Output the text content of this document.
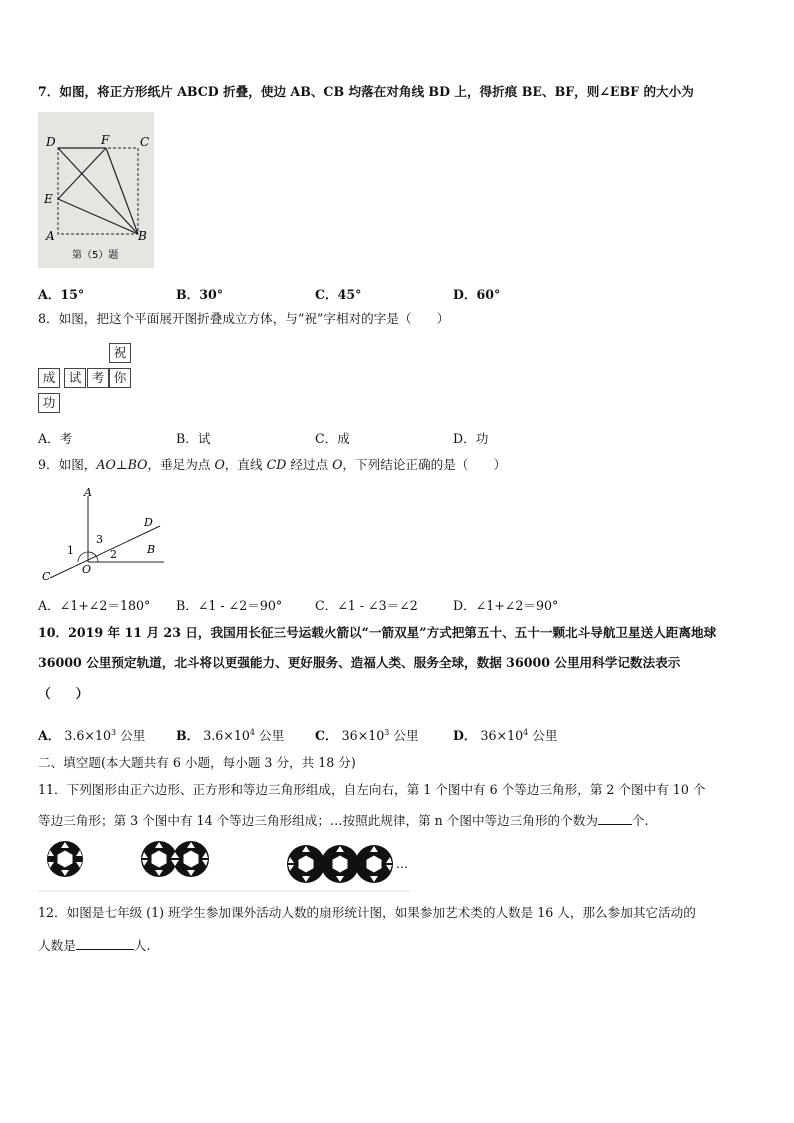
7．如图，将正方形纸片 ABCD 折叠，使边 AB、CB 均落在对角线 BD 上，得折痕 BE、BF，则∠EBF 的大小为
D	F	C
E
A	B
第（5）题
A．15°	B．30°	C．45°	D．60°
8．如图，把这个平面展开图折叠成立方体，与“祝”字相对的字是（　　）
祝
成	试 考 你
功
A．考	B．试	C．成	D．功
9．如图，AO⊥BO，垂足为点 O，直线 CD 经过点 O，下列结论正确的是（　　）
A
D
B
C
O
1	2
3
A．∠1+∠2＝180° B．∠1 - ∠2＝90°	C．∠1 - ∠3＝∠2	D．∠1+∠2＝90°
10．2019 年 11 月 23 日，我国用长征三号运载火箭以“一箭双星”方式把第五十、五十一颗北斗导航卫星送人距离地球
36000 公里预定轨道，北斗将以更强能力、更好服务、造福人类、服务全球，数据 36000 公里用科学记数法表示
（　　）
A． $3.6\times 10^3$ 公里 B． $3.6\times 10^4$ 公里 C． $36\times 10^3$ 公里	D． $36\times 10^4$ 公里
二、填空题(本大题共有 6 小题，每小题 3 分，共 18 分)
11．下列图形由正六边形、正方形和等边三角形组成，自左向右，第 1 个图中有 6 个等边三角形，第 2 个图中有 10 个
等边三角形；第 3 个图中有 14 个等边三角形组成；…按照此规律，第 n 个图中等边三角形的个数为	个.
…
12．如图是七年级 (1) 班学生参加课外活动人数的扇形统计图，如果参加艺术类的人数是 16 人，那么参加其它活动的
人数是	人.
